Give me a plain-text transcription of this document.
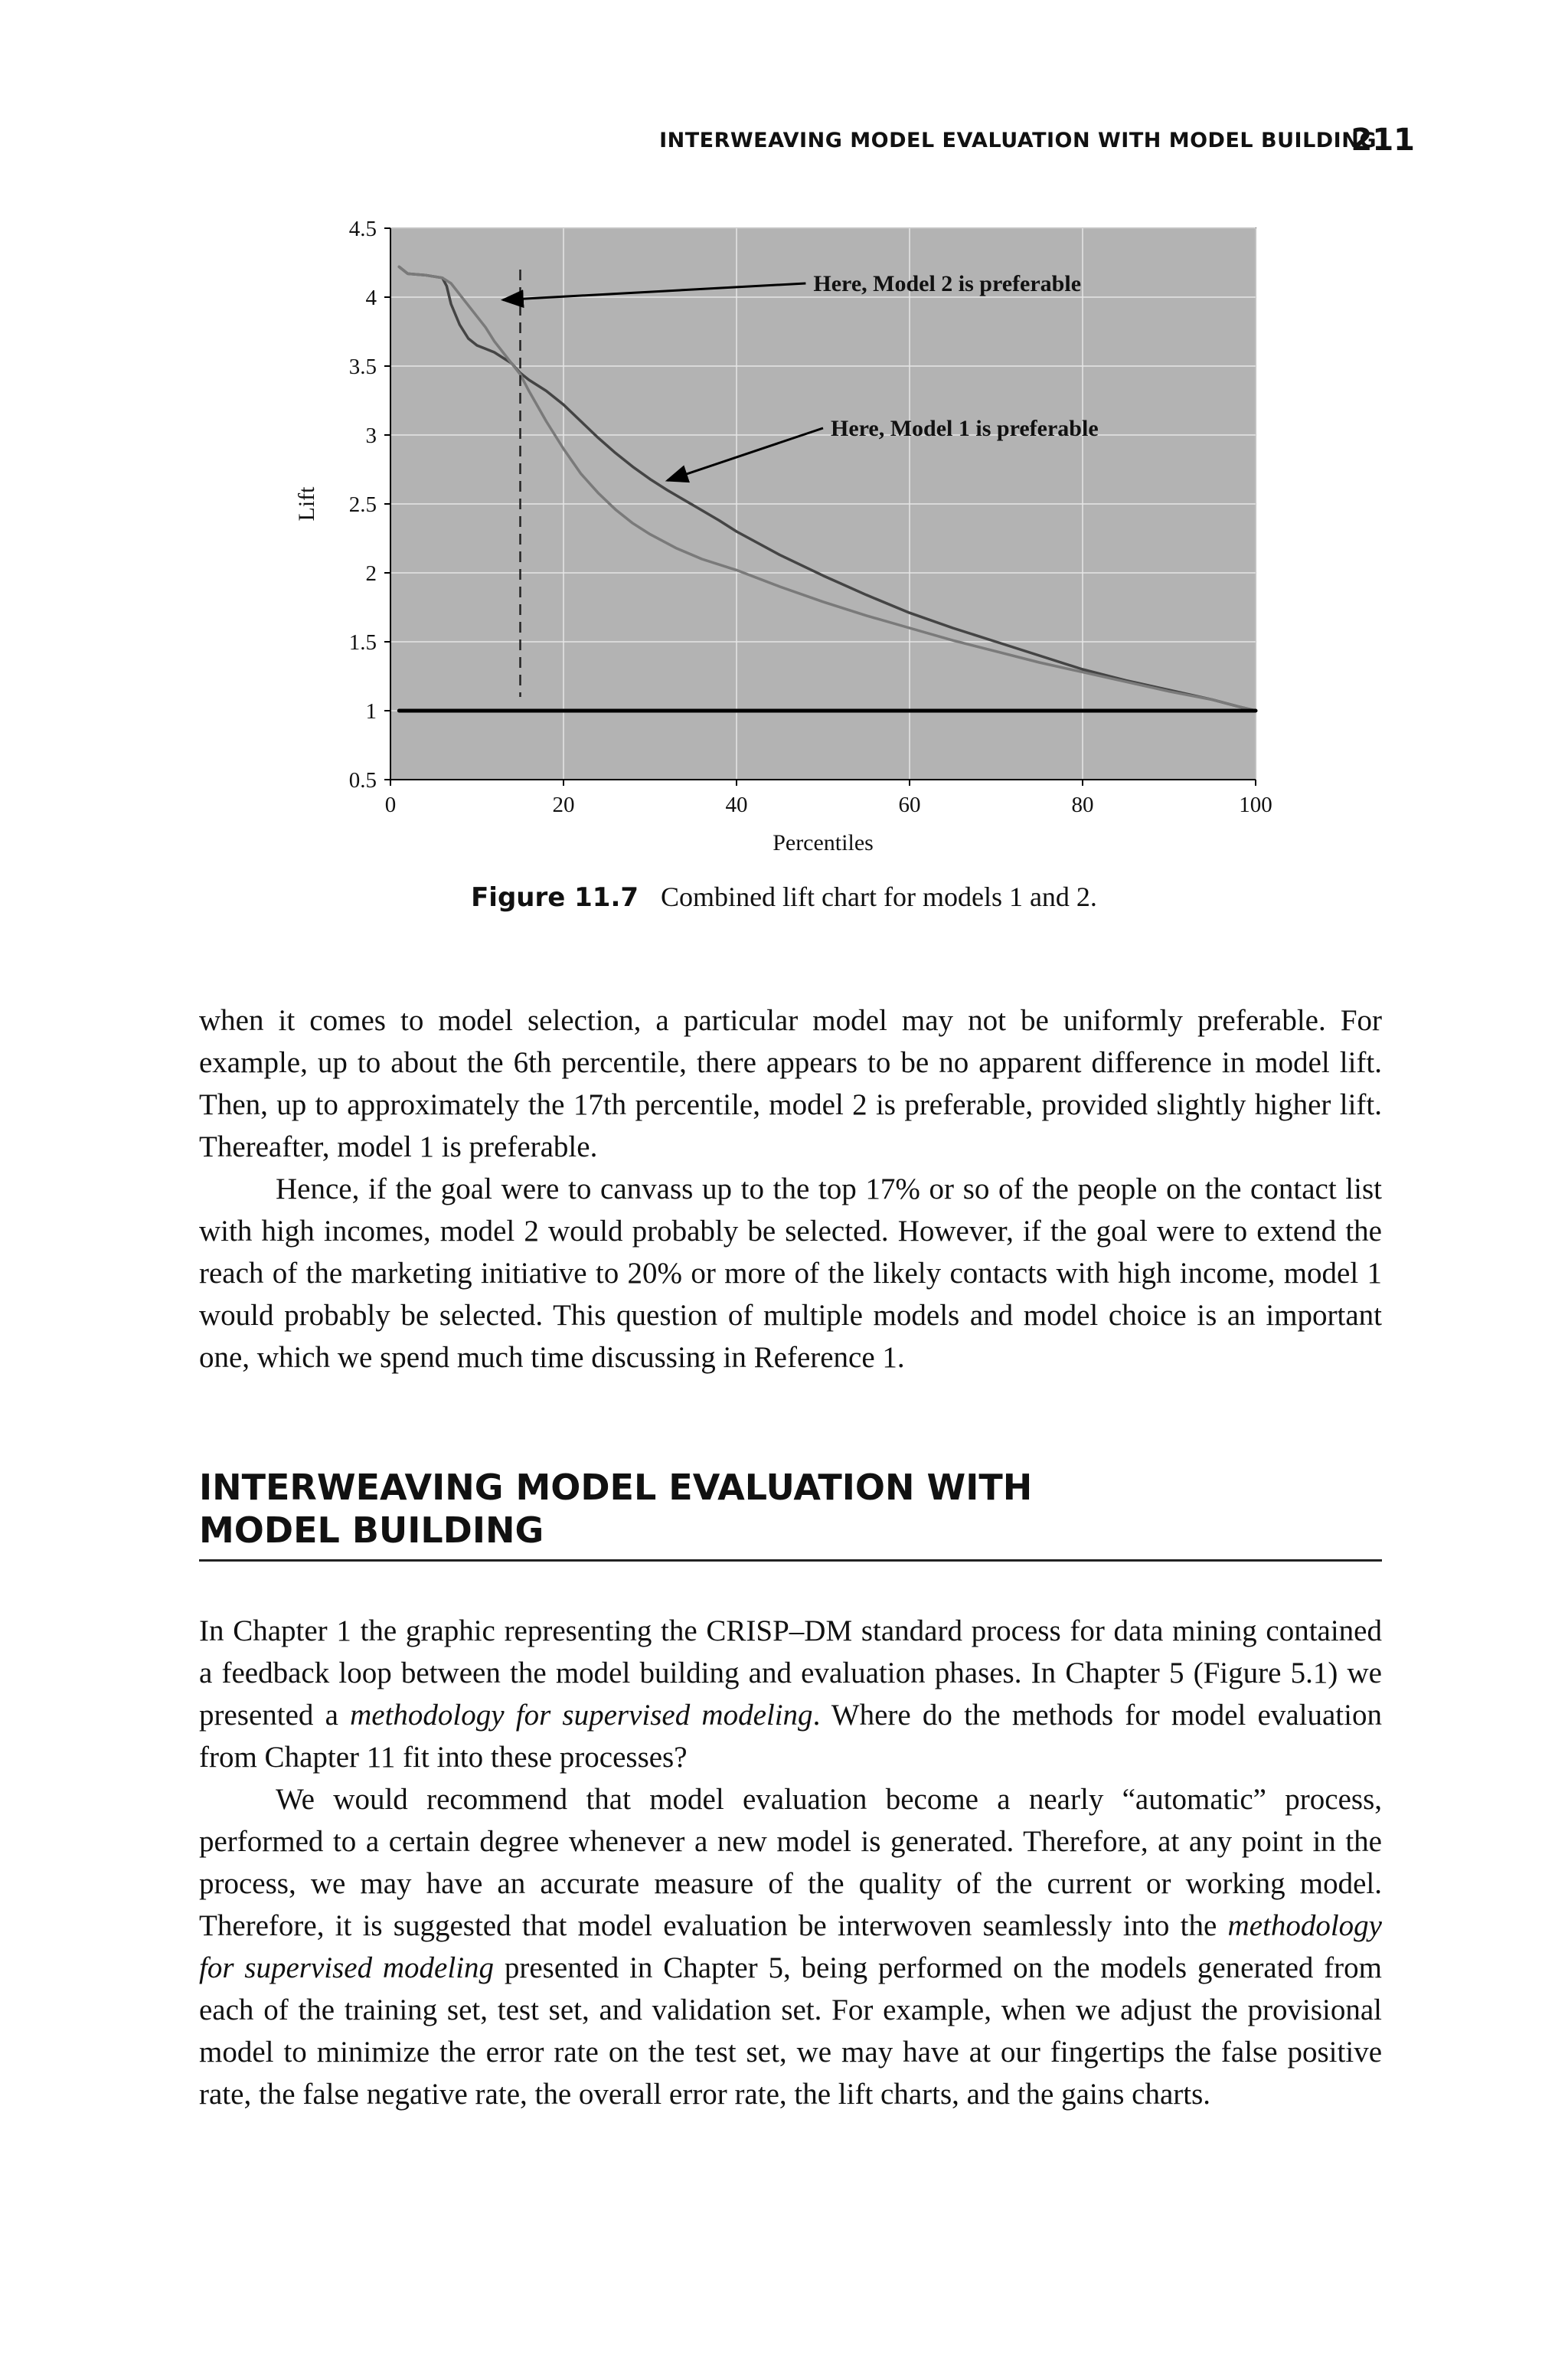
INTERWEAVING MODEL EVALUATION WITH MODEL BUILDING
211
0.5
1
1.5
2
2.5
3
3.5
4
4.5
0	20	40	60	80	100
Percentiles
Lift
Here, Model 2 is preferable
Here, Model 1 is preferable
Figure 11.7 Combined lift chart for models 1 and 2.

when it comes to model selection, a particular model may not be uniformly preferable. For example, up to about the 6th percentile, there appears to be no apparent difference in model lift. Then, up to approximately the 17th percentile, model 2 is preferable, provided slightly higher lift. Thereafter, model 1 is preferable.

Hence, if the goal were to canvass up to the top 17% or so of the people on the contact list with high incomes, model 2 would probably be selected. However, if the goal were to extend the reach of the marketing initiative to 20% or more of the likely contacts with high income, model 1 would probably be selected. This question of multiple models and model choice is an important one, which we spend much time discussing in Reference 1.

INTERWEAVING MODEL EVALUATION WITH
MODEL BUILDING

In Chapter 1 the graphic representing the CRISP–DM standard process for data mining contained a feedback loop between the model building and evaluation phases. In Chapter 5 (Figure 5.1) we presented a methodology for supervised modeling. Where do the methods for model evaluation from Chapter 11 fit into these processes?

We would recommend that model evaluation become a nearly “automatic” process, performed to a certain degree whenever a new model is generated. Therefore, at any point in the process, we may have an accurate measure of the quality of the current or working model. Therefore, it is suggested that model evaluation be interwoven seamlessly into the methodology for supervised modeling presented in Chapter 5, being performed on the models generated from each of the training set, test set, and validation set. For example, when we adjust the provisional model to minimize the error rate on the test set, we may have at our fingertips the false positive rate, the false negative rate, the overall error rate, the lift charts, and the gains charts.
